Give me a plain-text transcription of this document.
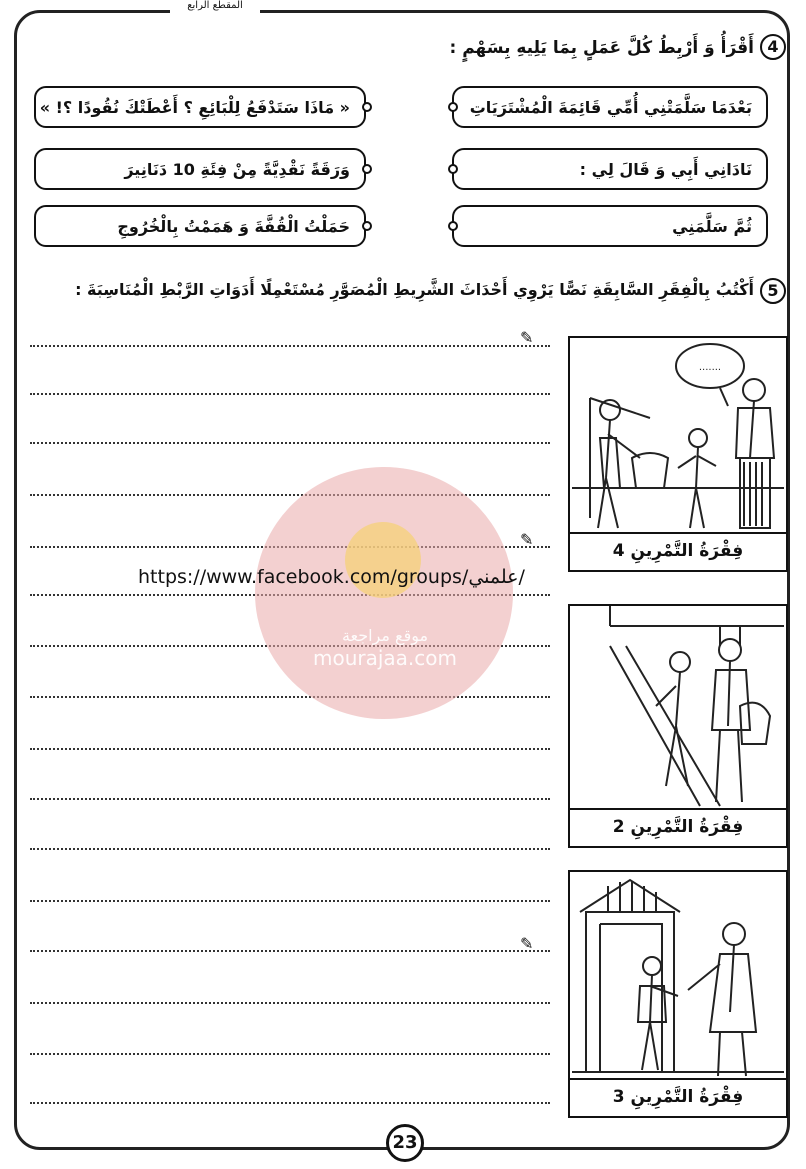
المقطع الرابع
4
أَقْرَأُ وَ أَرْبِطُ كُلَّ عَمَلٍ بِمَا يَلِيهِ بِسَهْمٍ :
بَعْدَمَا سَلَّمَتْنِي أُمِّي قَائِمَةَ الْمُشْتَرَيَاتِ
« مَاذَا سَتَدْفَعُ لِلْبَائِعِ ؟ أَعْطَتْكَ نُقُودًا ؟! »
نَادَانِي أَبِي وَ قَالَ لِي :
وَرَقَةً نَقْدِيَّةً مِنْ فِئَةِ 10 دَنَانِيرَ
ثُمَّ سَلَّمَنِي
حَمَلْتُ الْقُفَّةَ وَ هَمَمْتُ بِالْخُرُوجِ
5
أَكْتُبُ بِالْفِقَرِ السَّابِقَةِ نَصًّا يَرْوِي أَحْدَاثَ الشَّرِيطِ الْمُصَوَّرِ مُسْتَعْمِلًا أَدَوَاتِ الرَّبْطِ الْمُنَاسِبَةَ :
✎
✎
✎
.......
فِقْرَةُ التَّمْرِينِ 4
فِقْرَةُ التَّمْرِينِ 2
فِقْرَةُ التَّمْرِينِ 3
موقع مراجعة
mourajaa.com
https://www.facebook.com/groups/علمني/
23
